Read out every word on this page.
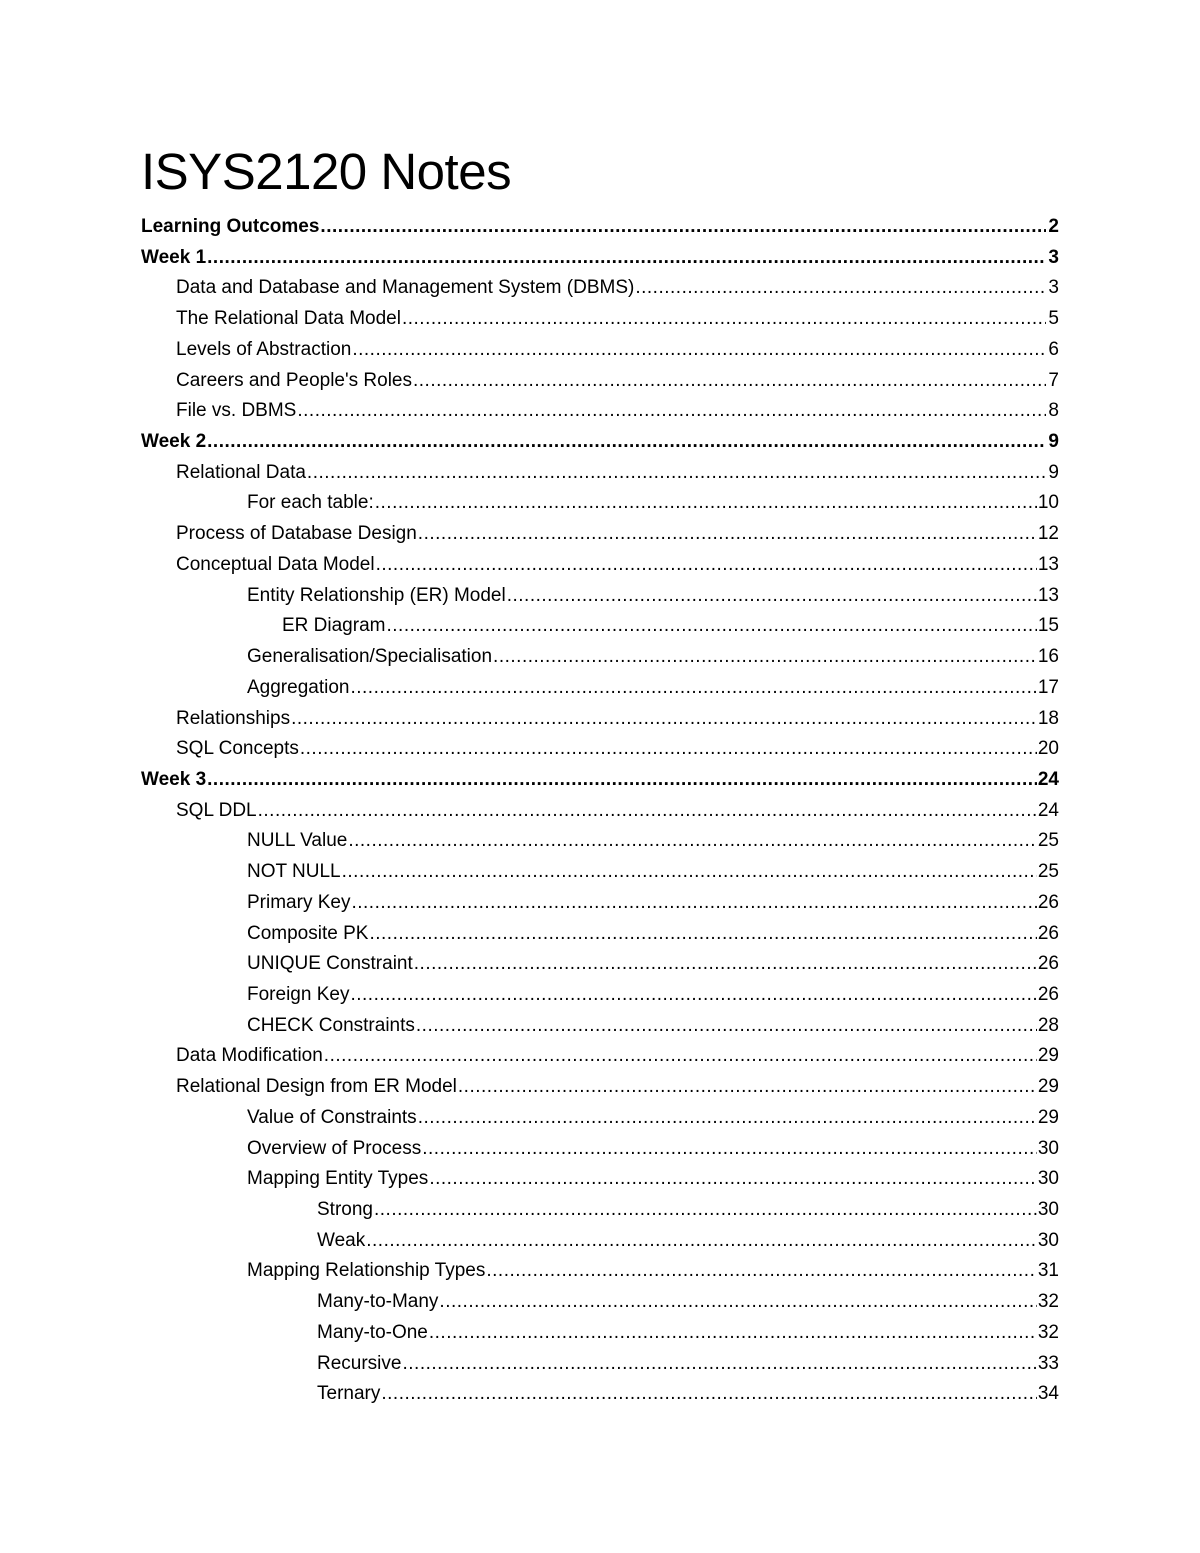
ISYS2120 Notes
Learning Outcomes .....	2
Week 1 .....	3
Data and Database and Management System (DBMS) .....	3
The Relational Data Model .....	5
Levels of Abstraction .....	6
Careers and People's Roles .....	7
File vs. DBMS .....	8
Week 2 .....	9
Relational Data .....	9
For each table: .....	10
Process of Database Design .....	12
Conceptual Data Model .....	13
Entity Relationship (ER) Model .....	13
ER Diagram .....	15
Generalisation/Specialisation .....	16
Aggregation .....	17
Relationships .....	18
SQL Concepts .....	20
Week 3 .....	24
SQL DDL .....	24
NULL Value .....	25
NOT NULL .....	25
Primary Key .....	26
Composite PK .....	26
UNIQUE Constraint .....	26
Foreign Key .....	26
CHECK Constraints .....	28
Data Modification .....	29
Relational Design from ER Model .....	29
Value of Constraints .....	29
Overview of Process .....	30
Mapping Entity Types .....	30
Strong .....	30
Weak .....	30
Mapping Relationship Types .....	31
Many-to-Many .....	32
Many-to-One .....	32
Recursive .....	33
Ternary .....	34
